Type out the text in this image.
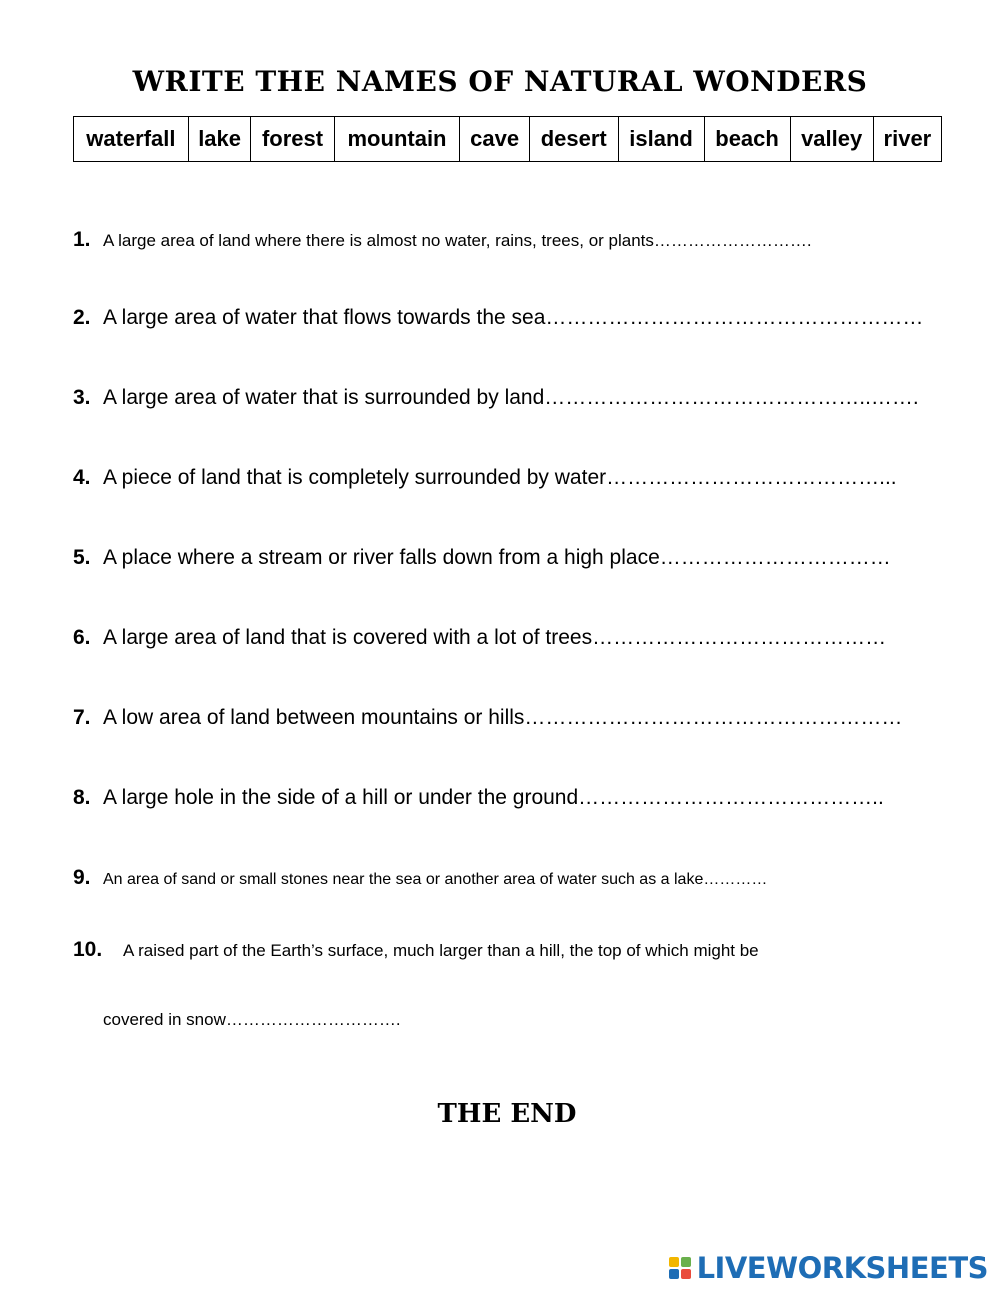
WRITE THE NAMES OF NATURAL WONDERS
waterfall	lake	forest	mountain	cave	desert	island	beach	valley	river
1. A large area of land where there is almost no water, rains, trees, or plants……………………….
2. A large area of water that flows towards the sea………………………………………………
3. A large area of water that is surrounded by land………………………………………..…….
4. A piece of land that is completely surrounded by water…………………………………...
5. A place where a stream or river falls down from a high place……………………………
6. A large area of land that is covered with a lot of trees……………………………………
7. A low area of land between mountains or hills………………………………………………
8. A large hole in the side of a hill or under the ground……………………………………..
9. An area of sand or small stones near the sea or another area of water such as a lake…………
10. A raised part of the Earth’s surface, much larger than a hill, the top of which might be
covered in snow………………………….
THE END
LIVEWORKSHEETS
